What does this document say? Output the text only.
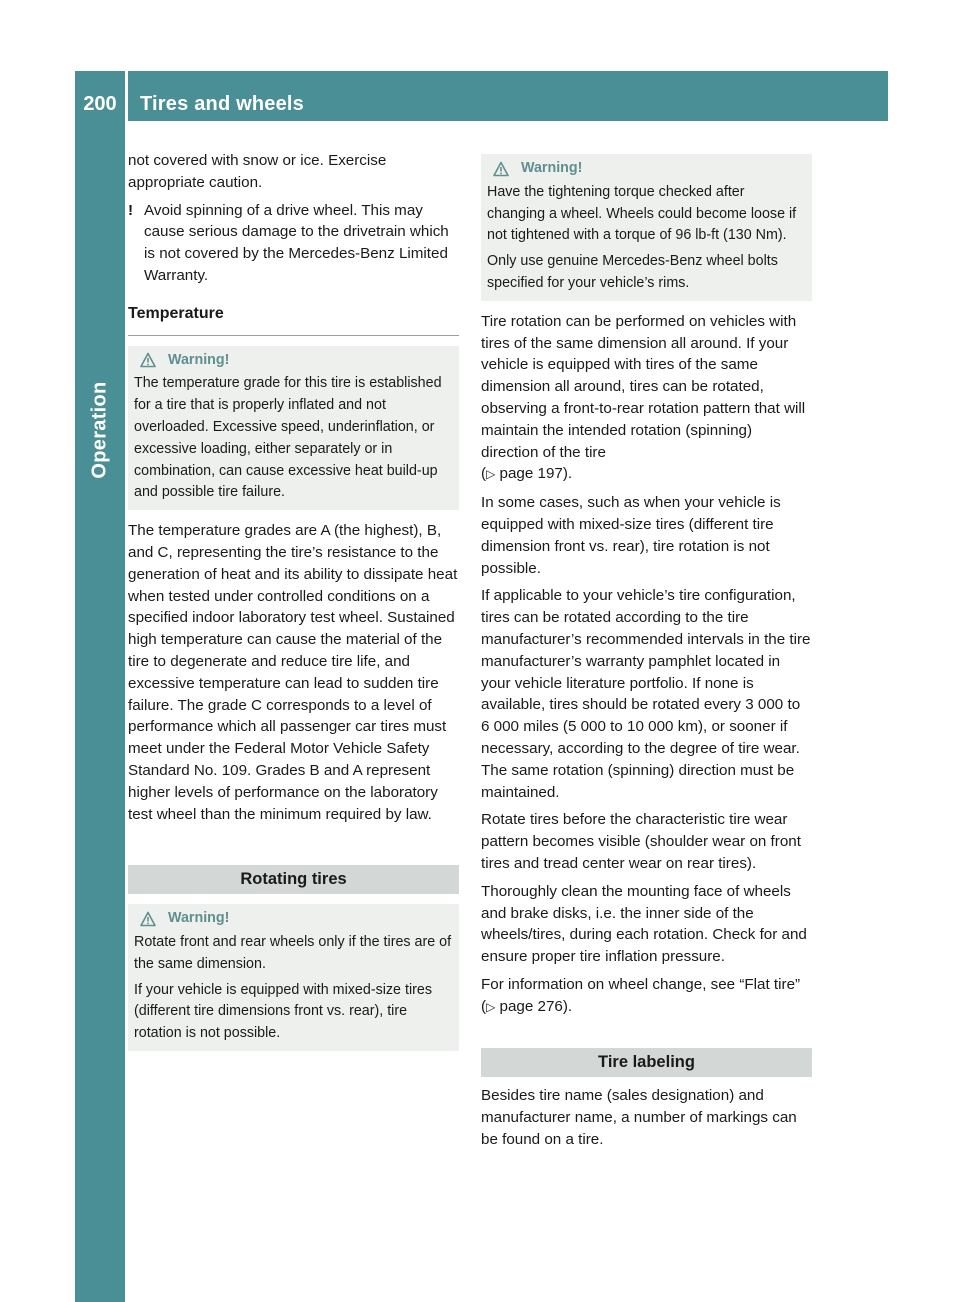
200	Tires and wheels
Operation

not covered with snow or ice. Exercise appropriate caution.

! Avoid spinning of a drive wheel. This may cause serious damage to the drivetrain which is not covered by the Mercedes-Benz Limited Warranty.
Temperature
Warning!

The temperature grade for this tire is established for a tire that is properly inflated and not overloaded. Excessive speed, underinflation, or excessive loading, either separately or in combination, can cause excessive heat build-up and possible tire failure.

The temperature grades are A (the highest), B, and C, representing the tire’s resistance to the generation of heat and its ability to dissipate heat when tested under controlled conditions on a specified indoor laboratory test wheel. Sustained high temperature can cause the material of the tire to degenerate and reduce tire life, and excessive temperature can lead to sudden tire failure. The grade C corresponds to a level of performance which all passenger car tires must meet under the Federal Motor Vehicle Safety Standard No. 109. Grades B and A represent higher levels of performance on the laboratory test wheel than the minimum required by law.

Rotating tires
Warning!

Rotate front and rear wheels only if the tires are of the same dimension.

If your vehicle is equipped with mixed-size tires (different tire dimensions front vs. rear), tire rotation is not possible.

Warning!

Have the tightening torque checked after changing a wheel. Wheels could become loose if not tightened with a torque of 96 lb-ft (130 Nm).

Only use genuine Mercedes-Benz wheel bolts specified for your vehicle’s rims.

Tire rotation can be performed on vehicles with tires of the same dimension all around. If your vehicle is equipped with tires of the same dimension all around, tires can be rotated, observing a front-to-rear rotation pattern that will maintain the intended rotation (spinning) direction of the tire
(▷ page 197).

In some cases, such as when your vehicle is equipped with mixed-size tires (different tire dimension front vs. rear), tire rotation is not possible.

If applicable to your vehicle’s tire configuration, tires can be rotated according to the tire manufacturer’s recommended intervals in the tire manufacturer’s warranty pamphlet located in your vehicle literature portfolio. If none is available, tires should be rotated every 3 000 to 6 000 miles (5 000 to 10 000 km), or sooner if necessary, according to the degree of tire wear. The same rotation (spinning) direction must be maintained.

Rotate tires before the characteristic tire wear pattern becomes visible (shoulder wear on front tires and tread center wear on rear tires).

Thoroughly clean the mounting face of wheels and brake disks, i.e. the inner side of the wheels/tires, during each rotation. Check for and ensure proper tire inflation pressure.

For information on wheel change, see “Flat tire” (▷ page 276).

Tire labeling

Besides tire name (sales designation) and manufacturer name, a number of markings can be found on a tire.
